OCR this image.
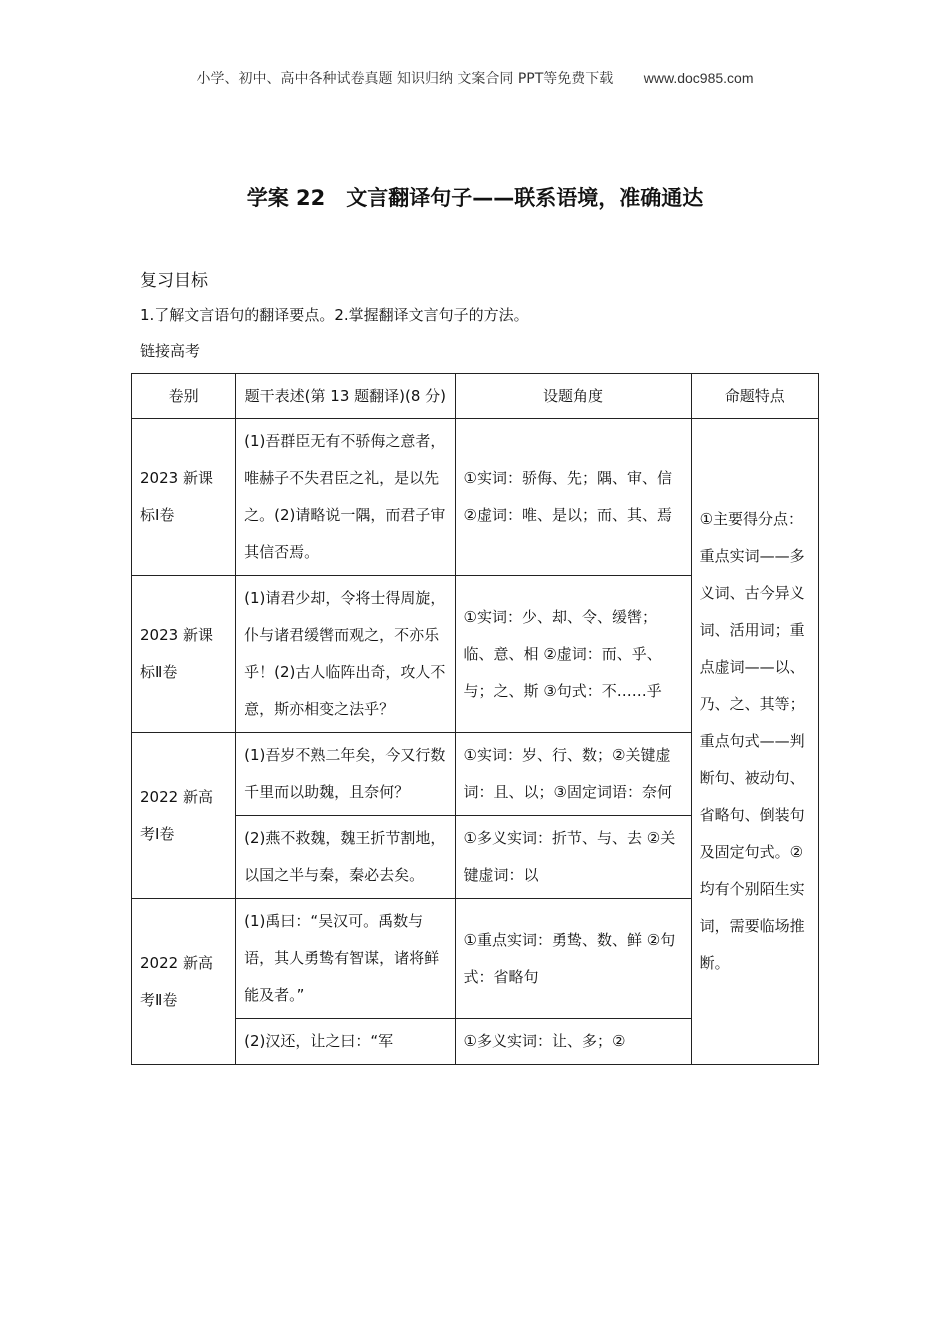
小学、初中、高中各种试卷真题 知识归纳 文案合同 PPT等免费下载 www.doc985.com
学案 22　文言翻译句子——联系语境，准确通达
复习目标
1.了解文言语句的翻译要点。2.掌握翻译文言句子的方法。
链接高考
卷别	题干表述(第 13 题翻译)(8 分)	设题角度	命题特点
2023 新课标Ⅰ卷	(1)吾群臣无有不骄侮之意者，唯赫子不失君臣之礼，是以先之。(2)请略说一隅，而君子审其信否焉。	①实词：骄侮、先；隅、审、信 ②虚词：唯、是以；而、其、焉	①主要得分点：重点实词——多义词、古今异义词、活用词；重点虚词——以、乃、之、其等；重点句式——判断句、被动句、省略句、倒装句及固定句式。②均有个别陌生实词，需要临场推断。
2023 新课标Ⅱ卷	(1)请君少却，令将士得周旋，仆与诸君缓辔而观之，不亦乐乎！(2)古人临阵出奇，攻人不意，斯亦相变之法乎？	①实词：少、却、令、缓辔；临、意、相 ②虚词：而、乎、与；之、斯 ③句式：不……乎	
2022 新高考Ⅰ卷	(1)吾岁不熟二年矣，今又行数千里而以助魏，且奈何？	①实词：岁、行、数；②关键虚词：且、以；③固定词语：奈何	
	(2)燕不救魏，魏王折节割地，以国之半与秦，秦必去矣。	①多义实词：折节、与、去 ②关键虚词：以	
2022 新高考Ⅱ卷	(1)禹曰：“吴汉可。禹数与语，其人勇鸷有智谋，诸将鲜能及者。”	①重点实词：勇鸷、数、鲜 ②句式：省略句	
	(2)汉还，让之曰：“军	①多义实词：让、多；②	
